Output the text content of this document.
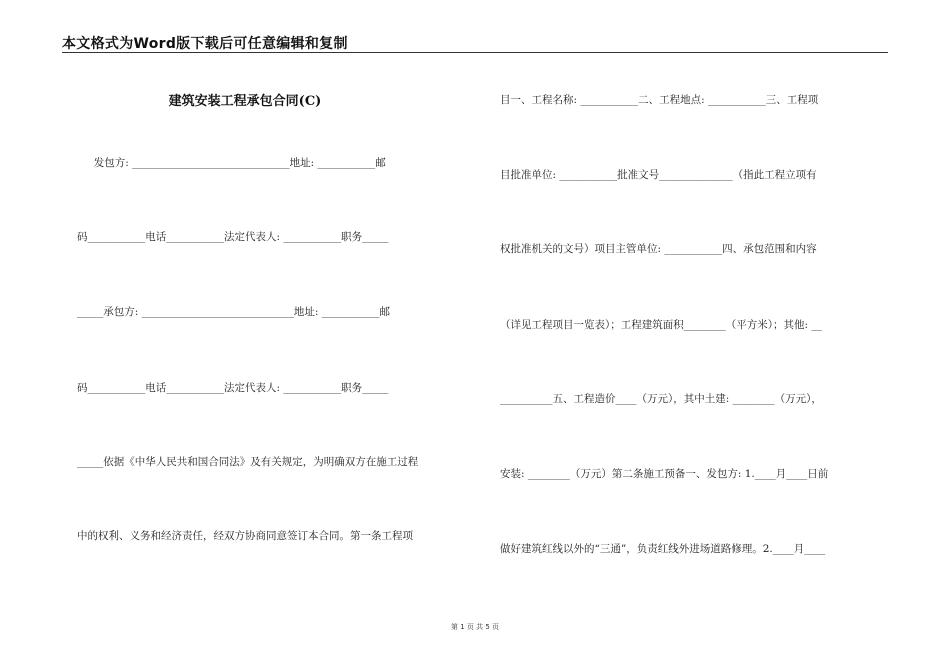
本文格式为Word版下载后可任意编辑和复制
建筑安装工程承包合同(C)
发包方: ______________________________地址: ___________邮
码___________电话___________法定代表人: ___________职务_____
_____承包方: _____________________________地址: ___________邮
码___________电话___________法定代表人: ___________职务_____
_____依据《中华人民共和国合同法》及有关规定，为明确双方在施工过程
中的权利、义务和经济责任，经双方协商同意签订本合同。第一条工程项
目一、工程名称: ___________二、工程地点: ___________三、工程项
目批准单位: ___________批准文号______________（指此工程立项有
权批准机关的文号）项目主管单位: ___________四、承包范围和内容
（详见工程项目一览表）；工程建筑面积________（平方米）；其他: __
__________五、工程造价____（万元），其中土建: ________（万元），
安装: ________（万元）第二条施工预备一、发包方: 1.____月____日前
做好建筑红线以外的“三通”，负责红线外进场道路修理。2.____月____
第 1 页 共 5 页
